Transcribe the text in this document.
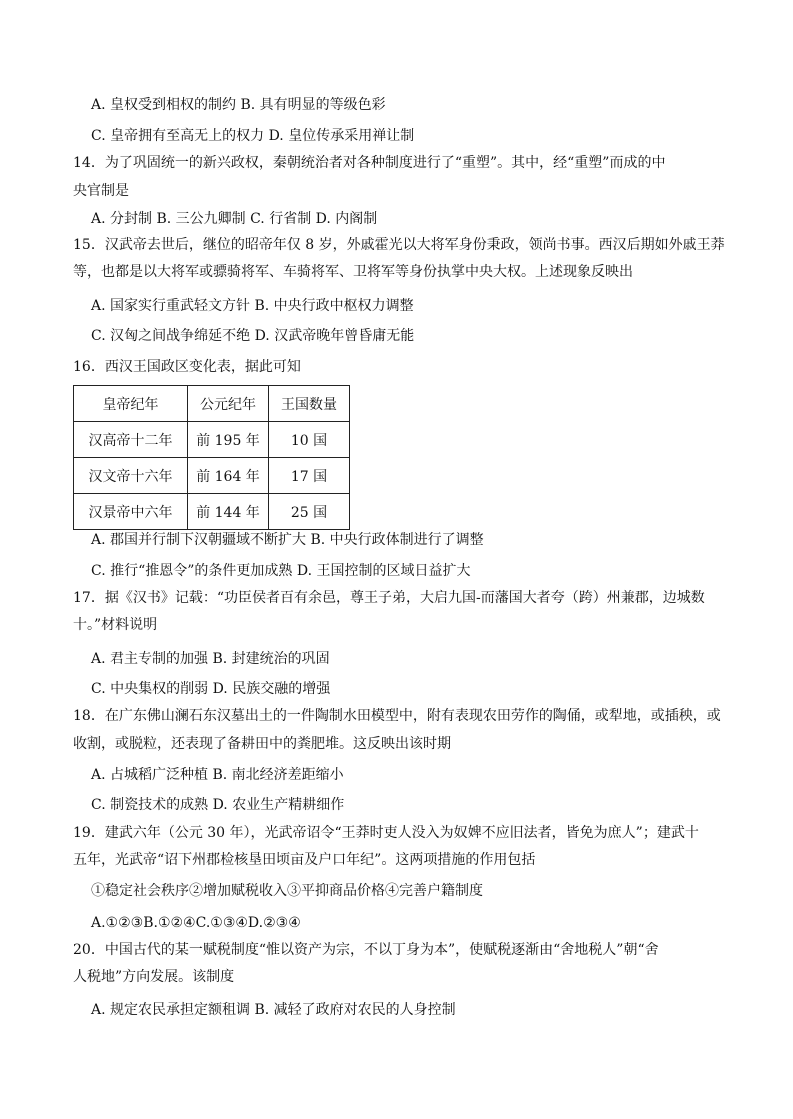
A. 皇权受到相权的制约 B. 具有明显的等级色彩
C. 皇帝拥有至高无上的权力 D. 皇位传承采用禅让制
14．为了巩固统一的新兴政权，秦朝统治者对各种制度进行了“重塑”。其中，经“重塑”而成的中
央官制是
A. 分封制 B. 三公九卿制 C. 行省制 D. 内阁制
15．汉武帝去世后，继位的昭帝年仅 8 岁，外戚霍光以大将军身份秉政，领尚书事。西汉后期如外戚王莽
等，也都是以大将军或骠骑将军、车骑将军、卫将军等身份执掌中央大权。上述现象反映出
A. 国家实行重武轻文方针 B. 中央行政中枢权力调整
C. 汉匈之间战争绵延不绝 D. 汉武帝晚年曾昏庸无能
16．西汉王国政区变化表，据此可知
皇帝纪年	公元纪年	王国数量
汉高帝十二年	前 195 年	10 国
汉文帝十六年	前 164 年	17 国
汉景帝中六年	前 144 年	25 国
A. 郡国并行制下汉朝疆域不断扩大 B. 中央行政体制进行了调整
C. 推行“推恩令”的条件更加成熟 D. 王国控制的区域日益扩大
17．据《汉书》记载：“功臣侯者百有余邑，尊王子弟，大启九国-而藩国大者夸（跨）州兼郡，边城数
十。”材料说明
A. 君主专制的加强 B. 封建统治的巩固
C. 中央集权的削弱 D. 民族交融的增强
18．在广东佛山澜石东汉墓出土的一件陶制水田模型中，附有表现农田劳作的陶俑，或犁地，或插秧，或
收割，或脱粒，还表现了备耕田中的粪肥堆。这反映出该时期
A. 占城稻广泛种植 B. 南北经济差距缩小
C. 制瓷技术的成熟 D. 农业生产精耕细作
19．建武六年（公元 30 年），光武帝诏令“王莽时吏人没入为奴婢不应旧法者，皆免为庶人”；建武十
五年，光武帝“诏下州郡检核垦田顷亩及户口年纪”。这两项措施的作用包括
①稳定社会秩序②增加赋税收入③平抑商品价格④完善户籍制度
A.①②③B.①②④C.①③④D.②③④
20．中国古代的某一赋税制度“惟以资产为宗，不以丁身为本”，使赋税逐渐由“舍地税人”朝“舍
人税地”方向发展。该制度
A. 规定农民承担定额租调 B. 减轻了政府对农民的人身控制
